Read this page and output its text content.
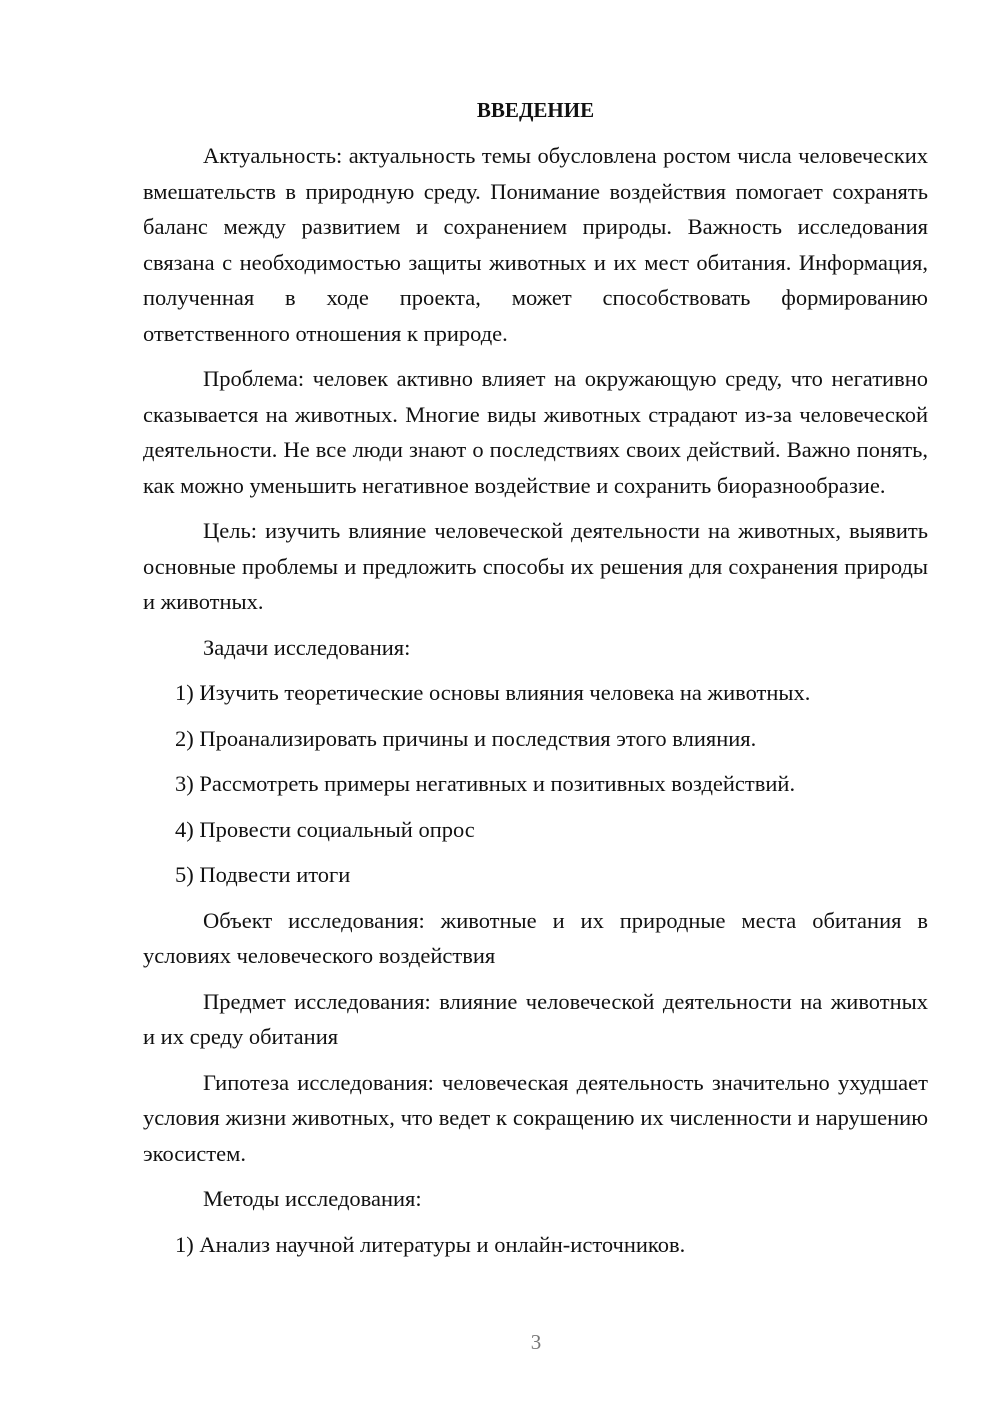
ВВЕДЕНИЕ

Актуальность: актуальность темы обусловлена ростом числа человеческих вмешательств в природную среду. Понимание воздействия помогает сохранять баланс между развитием и сохранением природы. Важность исследования связана с необходимостью защиты животных и их мест обитания. Информация, полученная в ходе проекта, может способствовать формированию ответственного отношения к природе.

Проблема: человек активно влияет на окружающую среду, что негативно сказывается на животных. Многие виды животных страдают из-за человеческой деятельности. Не все люди знают о последствиях своих действий. Важно понять, как можно уменьшить негативное воздействие и сохранить биоразнообразие.

Цель: изучить влияние человеческой деятельности на животных, выявить основные проблемы и предложить способы их решения для сохранения природы и животных.

Задачи исследования:

1) Изучить теоретические основы влияния человека на животных.
2) Проанализировать причины и последствия этого влияния.
3) Рассмотреть примеры негативных и позитивных воздействий.
4) Провести социальный опрос
5) Подвести итоги

Объект исследования: животные и их природные места обитания в условиях человеческого воздействия

Предмет исследования: влияние человеческой деятельности на животных и их среду обитания

Гипотеза исследования: человеческая деятельность значительно ухудшает условия жизни животных, что ведет к сокращению их численности и нарушению экосистем.

Методы исследования:

1) Анализ научной литературы и онлайн-источников.
3
